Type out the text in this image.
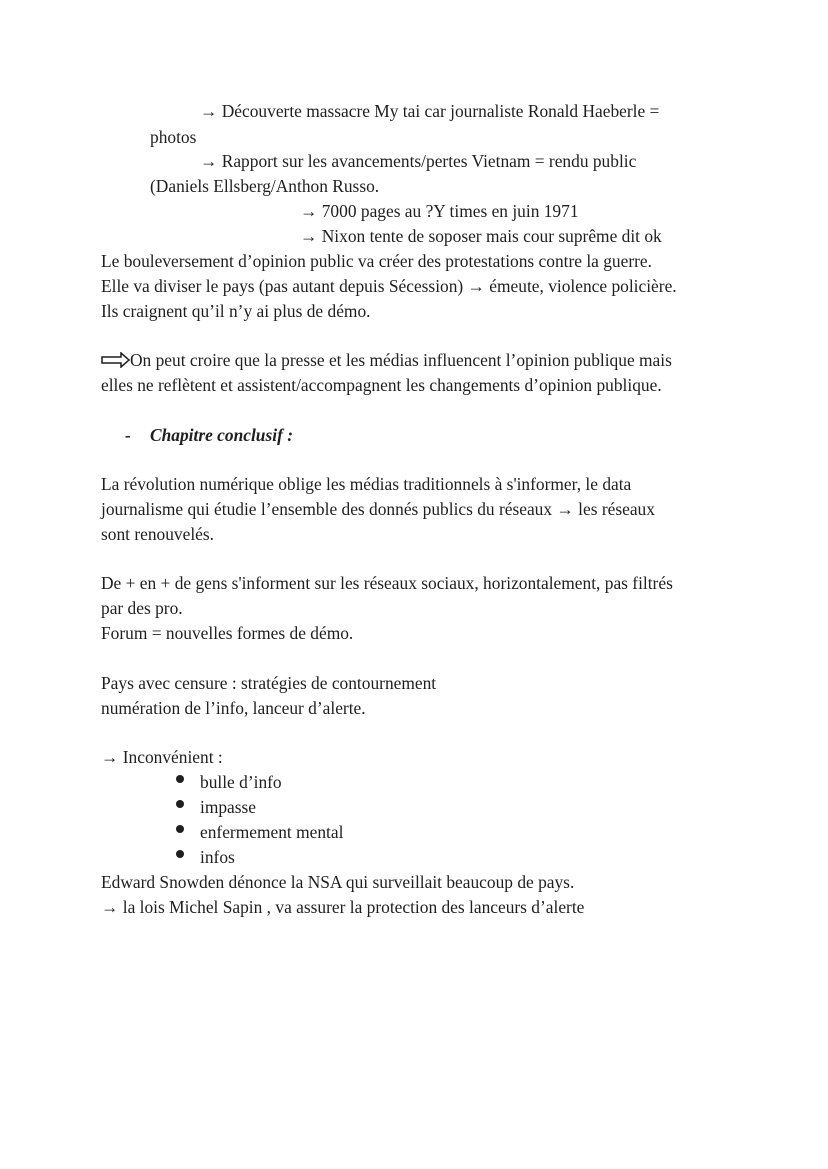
→ Découverte massacre My tai car journaliste Ronald Haeberle =
photos
→ Rapport sur les avancements/pertes Vietnam = rendu public
(Daniels Ellsberg/Anthon Russo.
→ 7000 pages au ?Y times en juin 1971
→ Nixon tente de soposer mais cour suprême dit ok
Le bouleversement d’opinion public va créer des protestations contre la guerre.
Elle va diviser le pays (pas autant depuis Sécession) → émeute, violence policière.
Ils craignent qu’il n’y ai plus de démo.
On peut croire que la presse et les médias influencent l’opinion publique mais
elles ne reflètent et assistent/accompagnent les changements d’opinion publique.
- Chapitre conclusif :
La révolution numérique oblige les médias traditionnels à s'informer, le data
journalisme qui étudie l’ensemble des donnés publics du réseaux → les réseaux
sont renouvelés.
De + en + de gens s'informent sur les réseaux sociaux, horizontalement, pas filtrés
par des pro.
Forum = nouvelles formes de démo.
Pays avec censure : stratégies de contournement
numération de l’info, lanceur d’alerte.
→ Inconvénient :
bulle d’info
impasse
enfermement mental
infos
Edward Snowden dénonce la NSA qui surveillait beaucoup de pays.
→ la lois Michel Sapin , va assurer la protection des lanceurs d’alerte
